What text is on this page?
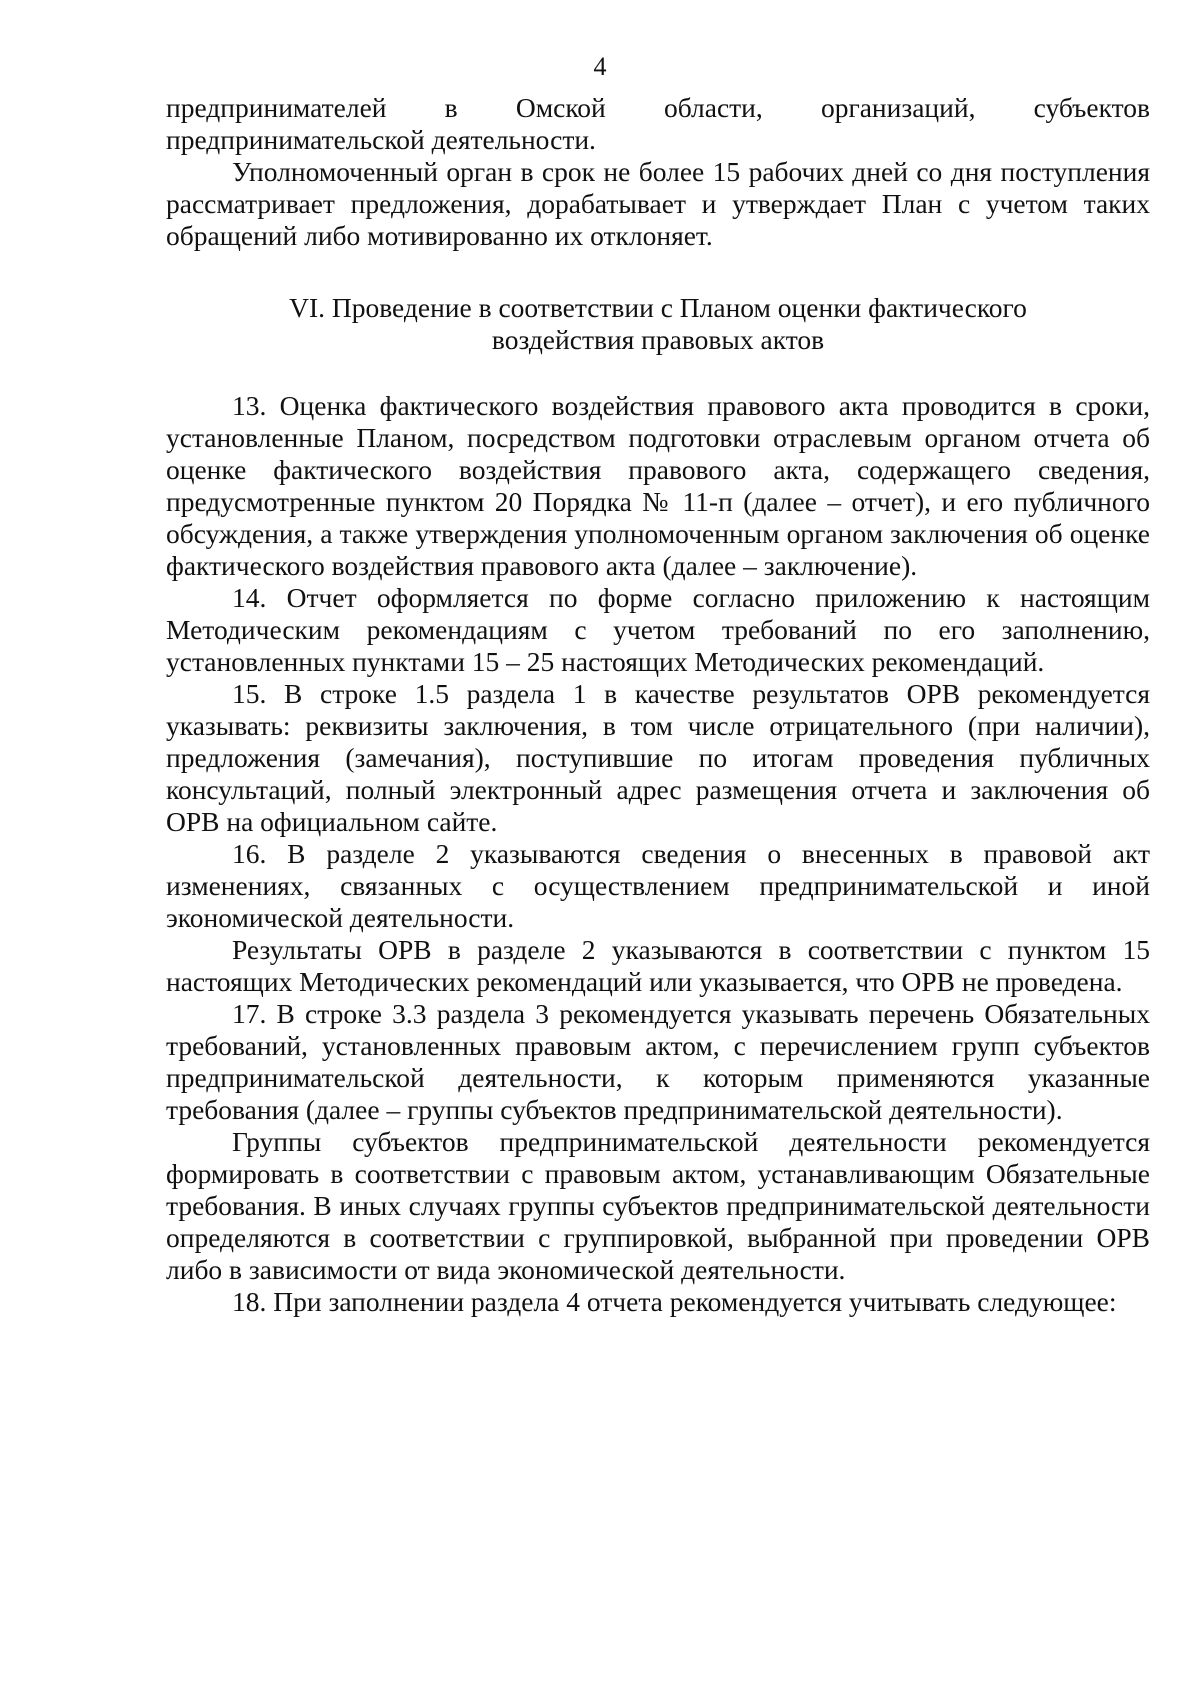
4

предпринимателей в Омской области, организаций, субъектов предпринимательской деятельности.

Уполномоченный орган в срок не более 15 рабочих дней со дня поступления рассматривает предложения, дорабатывает и утверждает План с учетом таких обращений либо мотивированно их отклоняет.

VI. Проведение в соответствии с Планом оценки фактического
воздействия правовых актов

13. Оценка фактического воздействия правового акта проводится в сроки, установленные Планом, посредством подготовки отраслевым органом отчета об оценке фактического воздействия правового акта, содержащего сведения, предусмотренные пунктом 20 Порядка № 11-п (далее – отчет), и его публичного обсуждения, а также утверждения уполномоченным органом заключения об оценке фактического воздействия правового акта (далее – заключение).

14. Отчет оформляется по форме согласно приложению к настоящим Методическим рекомендациям с учетом требований по его заполнению, установленных пунктами 15 – 25 настоящих Методических рекомендаций.

15. В строке 1.5 раздела 1 в качестве результатов ОРВ рекомендуется указывать: реквизиты заключения, в том числе отрицательного (при наличии), предложения (замечания), поступившие по итогам проведения публичных консультаций, полный электронный адрес размещения отчета и заключения об ОРВ на официальном сайте.

16. В разделе 2 указываются сведения о внесенных в правовой акт изменениях, связанных с осуществлением предпринимательской и иной экономической деятельности.

Результаты ОРВ в разделе 2 указываются в соответствии с пунктом 15 настоящих Методических рекомендаций или указывается, что ОРВ не проведена.

17. В строке 3.3 раздела 3 рекомендуется указывать перечень Обязательных требований, установленных правовым актом, с перечислением групп субъектов предпринимательской деятельности, к которым применяются указанные требования (далее – группы субъектов предпринимательской деятельности).

Группы субъектов предпринимательской деятельности рекомендуется формировать в соответствии с правовым актом, устанавливающим Обязательные требования. В иных случаях группы субъектов предпринимательской деятельности определяются в соответствии с группировкой, выбранной при проведении ОРВ либо в зависимости от вида экономической деятельности.

18. При заполнении раздела 4 отчета рекомендуется учитывать следующее:
